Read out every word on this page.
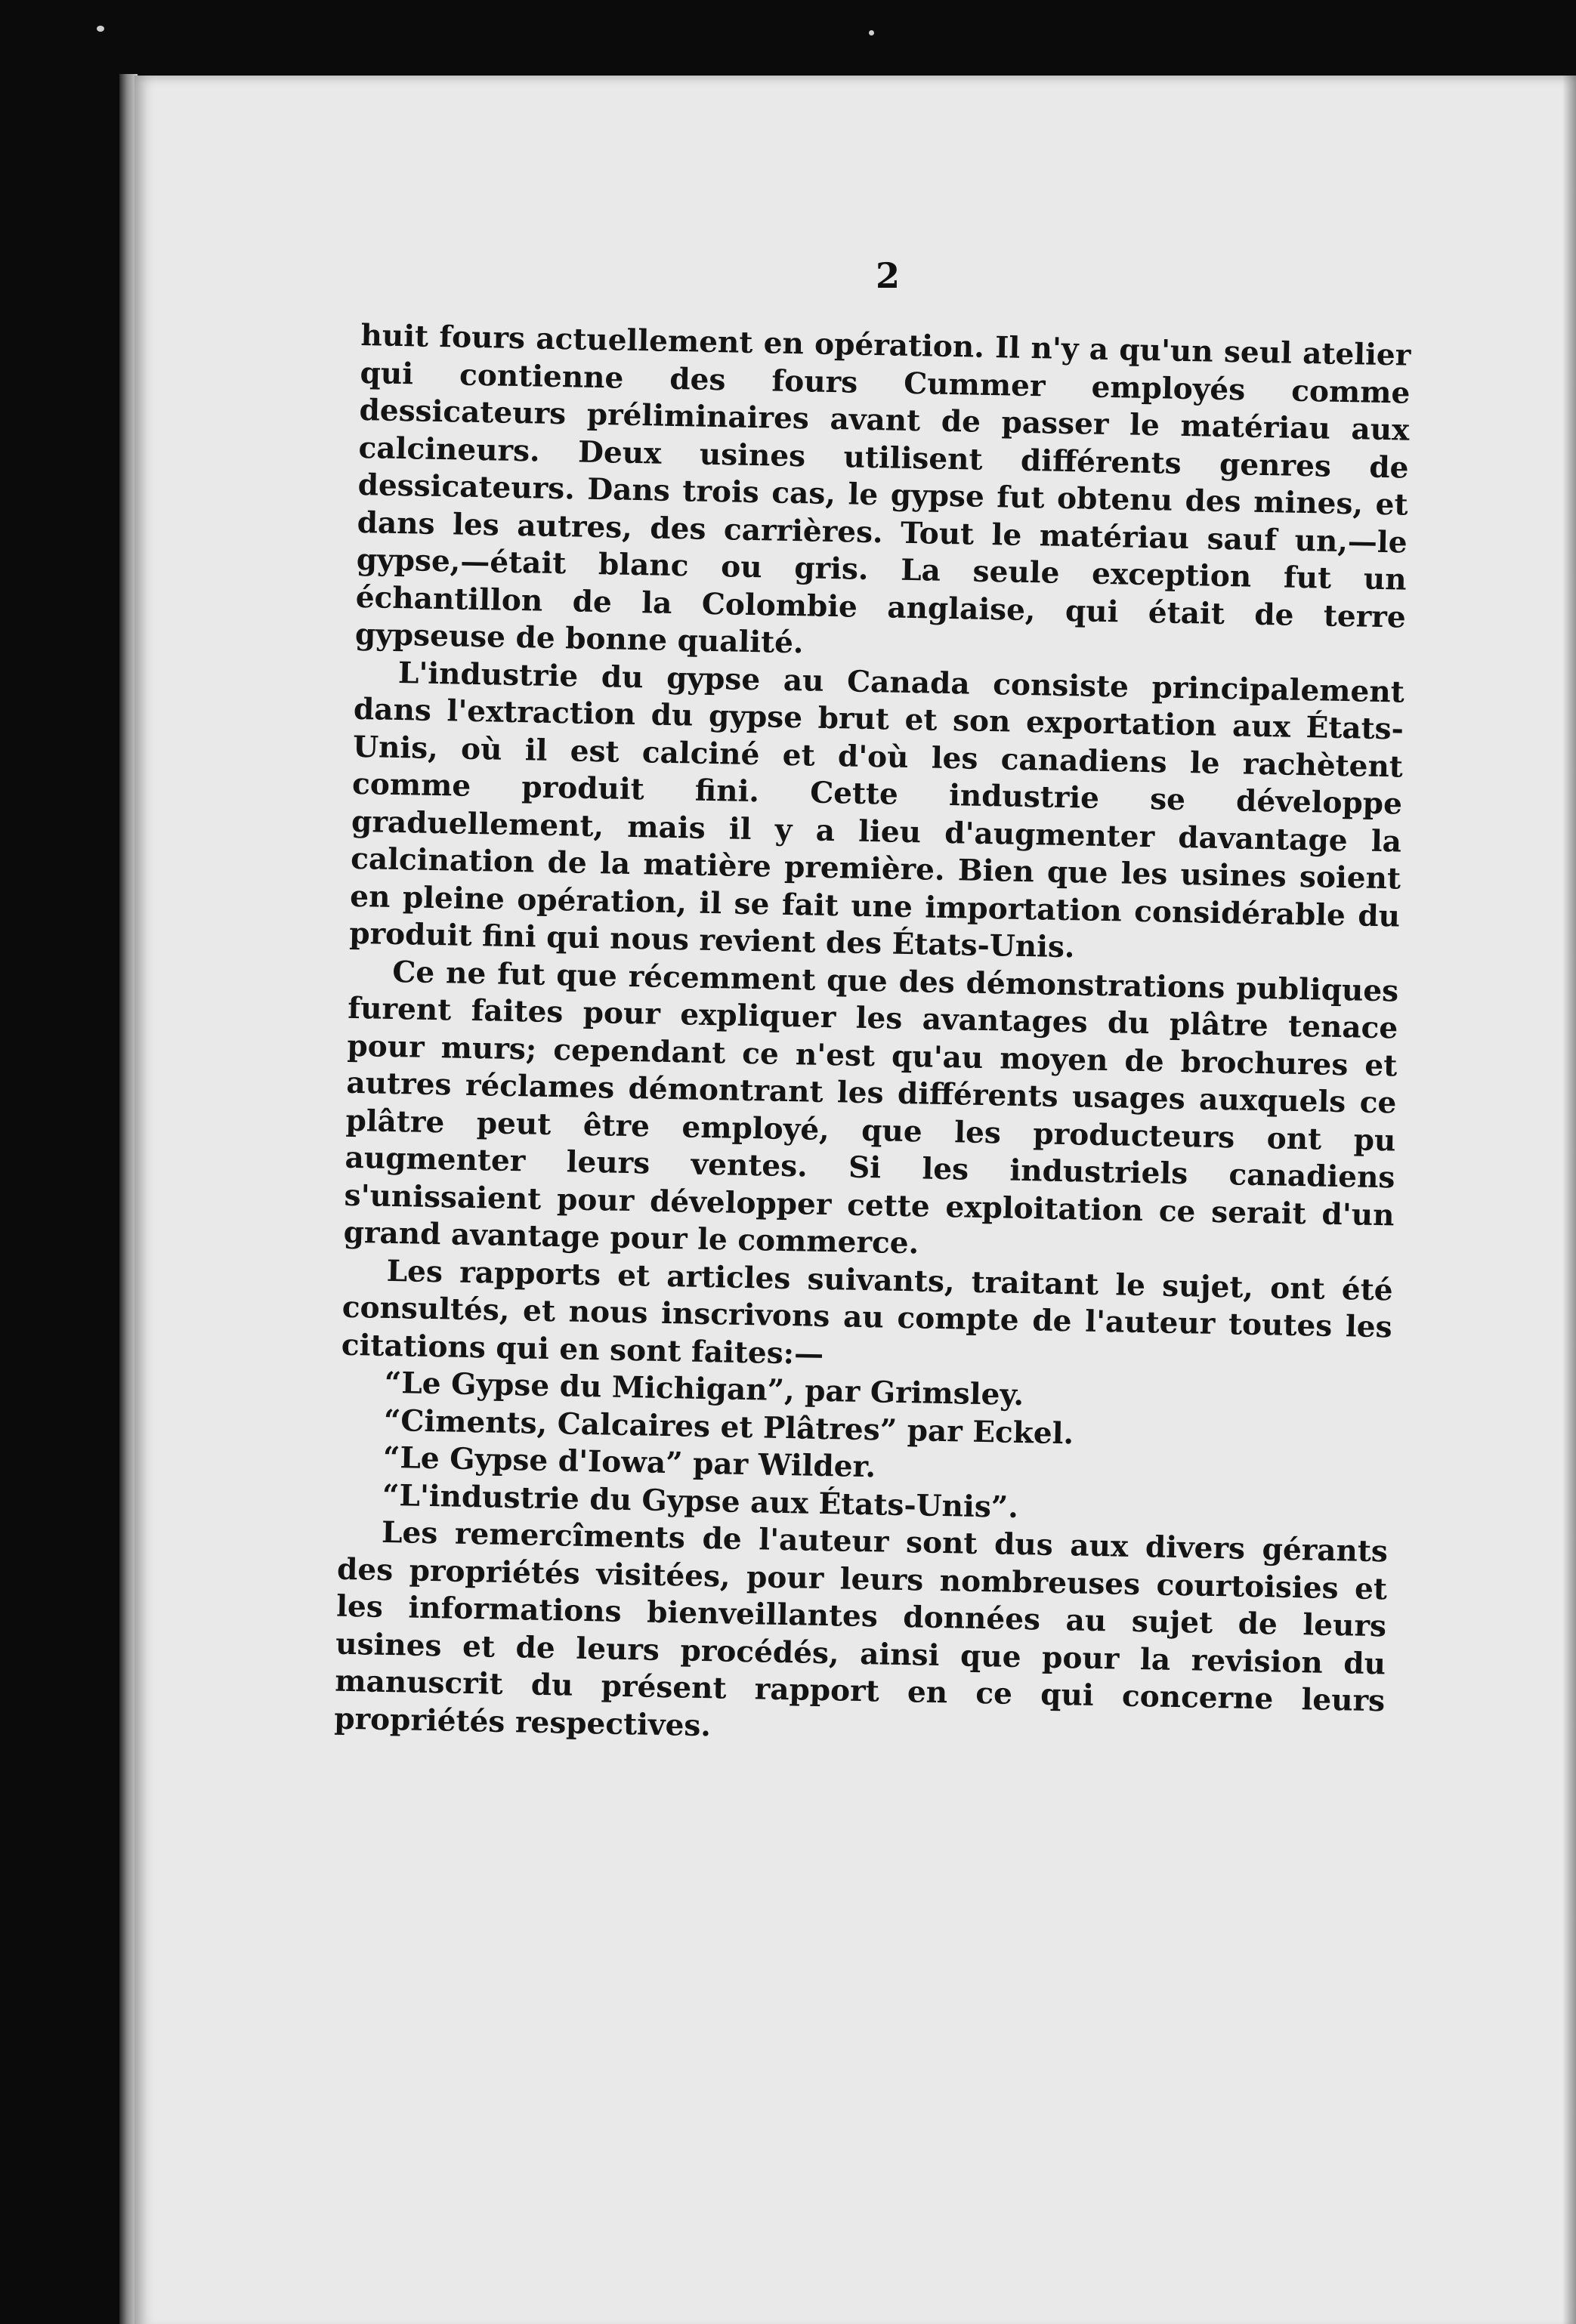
2

huit fours actuellement en opération. Il n'y a qu'un seul atelier qui contienne des fours Cummer employés comme dessicateurs préliminaires avant de passer le matériau aux calcineurs. Deux usines utilisent différents genres de dessicateurs. Dans trois cas, le gypse fut obtenu des mines, et dans les autres, des carrières. Tout le matériau sauf un,—le gypse,—était blanc ou gris. La seule exception fut un échantillon de la Colombie anglaise, qui était de terre gypseuse de bonne qualité.

L'industrie du gypse au Canada consiste principalement dans l'extraction du gypse brut et son exportation aux États-Unis, où il est calciné et d'où les canadiens le rachètent comme produit fini. Cette industrie se développe graduellement, mais il y a lieu d'augmenter davantage la calcination de la matière première. Bien que les usines soient en pleine opération, il se fait une importation considérable du produit fini qui nous revient des États-Unis.

Ce ne fut que récemment que des démonstrations publiques furent faites pour expliquer les avantages du plâtre tenace pour murs; cependant ce n'est qu'au moyen de brochures et autres réclames démontrant les différents usages auxquels ce plâtre peut être employé, que les producteurs ont pu augmenter leurs ventes. Si les industriels canadiens s'unissaient pour développer cette exploitation ce serait d'un grand avantage pour le commerce.

Les rapports et articles suivants, traitant le sujet, ont été consultés, et nous inscrivons au compte de l'auteur toutes les citations qui en sont faites:—

“Le Gypse du Michigan”, par Grimsley.

“Ciments, Calcaires et Plâtres” par Eckel.

“Le Gypse d'Iowa” par Wilder.

“L'industrie du Gypse aux États-Unis”.

Les remercîments de l'auteur sont dus aux divers gérants des propriétés visitées, pour leurs nombreuses courtoisies et les informations bienveillantes données au sujet de leurs usines et de leurs procédés, ainsi que pour la revision du manuscrit du présent rapport en ce qui concerne leurs propriétés respectives.
